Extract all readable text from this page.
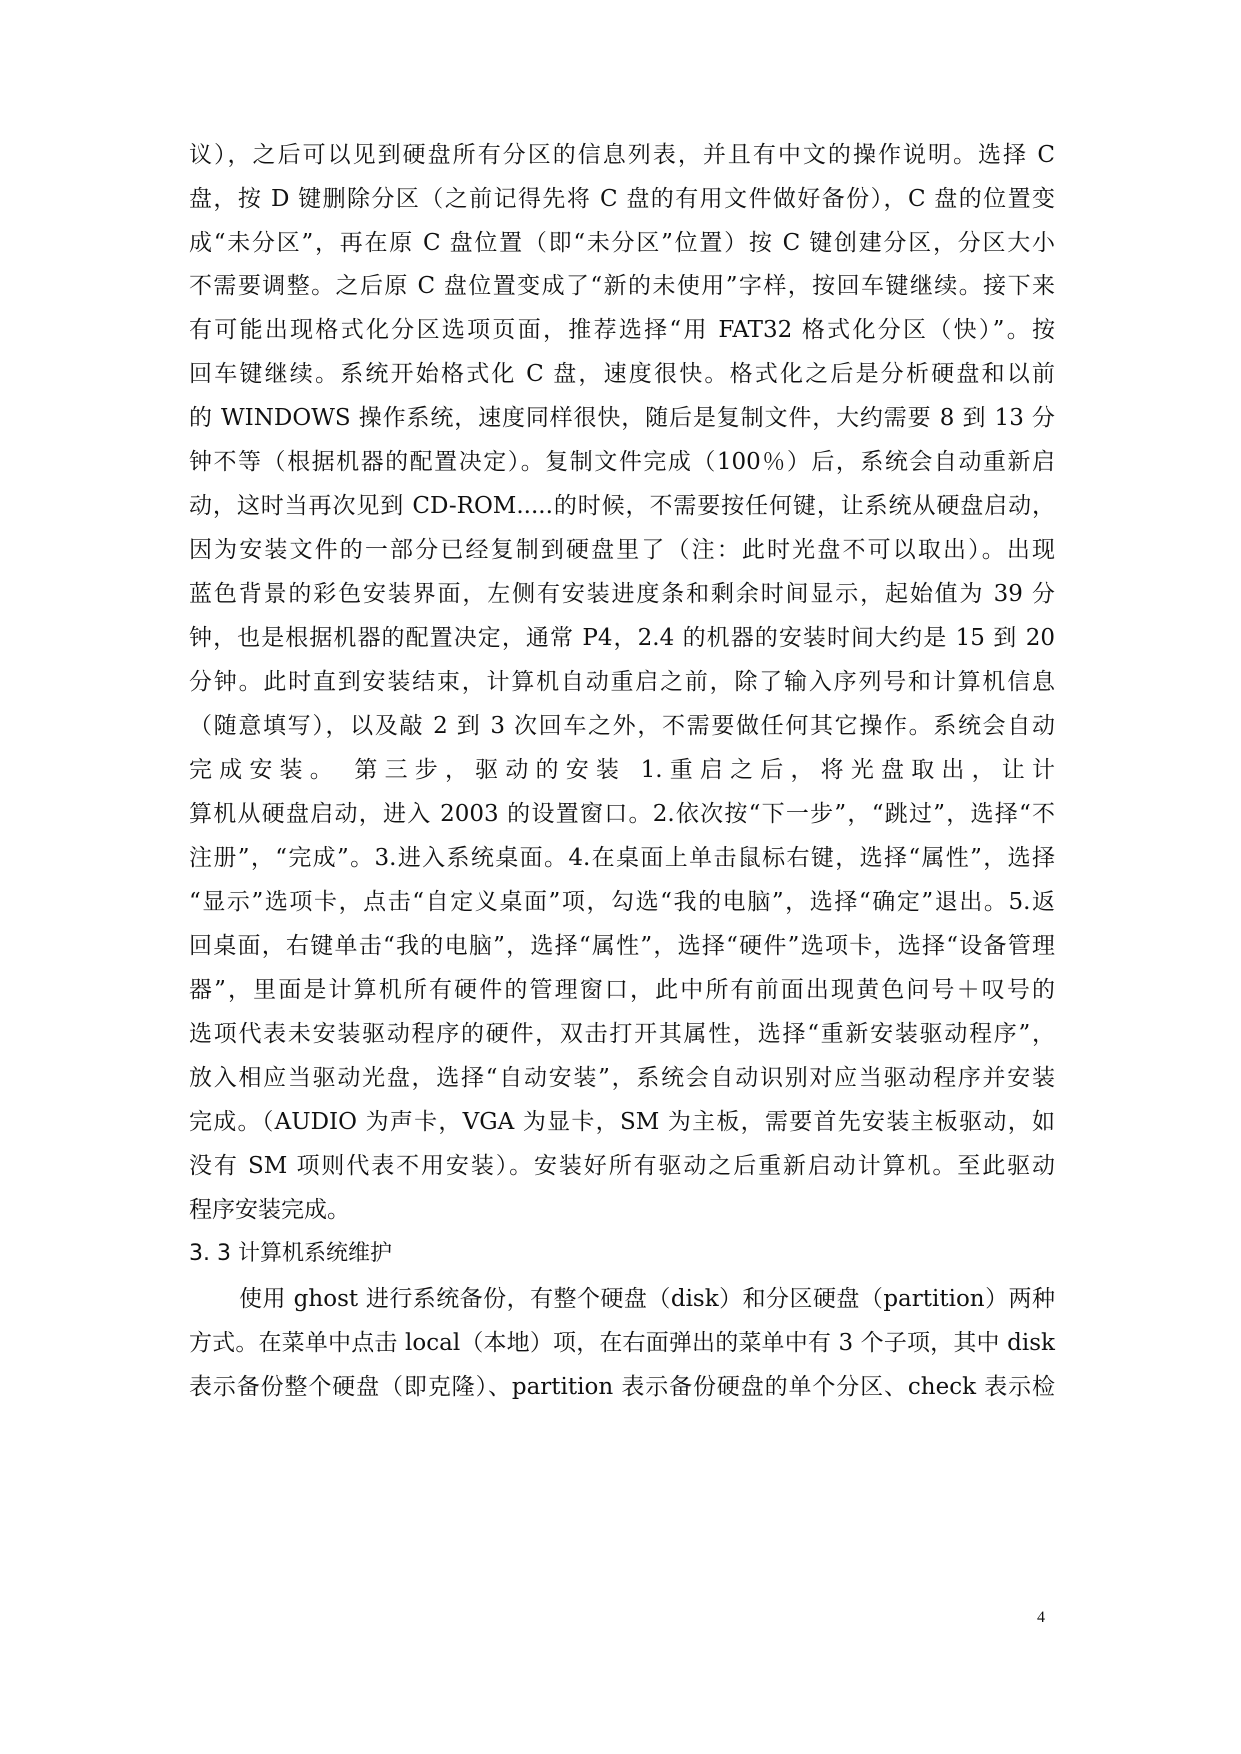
议），之后可以见到硬盘所有分区的信息列表，并且有中文的操作说明。选择 C
盘，按 D 键删除分区（之前记得先将 C 盘的有用文件做好备份），C 盘的位置变
成“未分区”，再在原 C 盘位置（即“未分区”位置）按 C 键创建分区，分区大小
不需要调整。之后原 C 盘位置变成了“新的未使用”字样，按回车键继续。接下来
有可能出现格式化分区选项页面，推荐选择“用 FAT32 格式化分区（快）”。按
回车键继续。系统开始格式化 C 盘，速度很快。格式化之后是分析硬盘和以前
的 WINDOWS 操作系统，速度同样很快，随后是复制文件，大约需要 8 到 13 分
钟不等（根据机器的配置决定）。复制文件完成（100％）后，系统会自动重新启
动，这时当再次见到 CD-ROM.....的时候，不需要按任何键，让系统从硬盘启动，
因为安装文件的一部分已经复制到硬盘里了（注：此时光盘不可以取出）。出现
蓝色背景的彩色安装界面，左侧有安装进度条和剩余时间显示，起始值为 39 分
钟，也是根据机器的配置决定，通常 P4，2.4 的机器的安装时间大约是 15 到 20
分钟。此时直到安装结束，计算机自动重启之前，除了输入序列号和计算机信息
（随意填写），以及敲 2 到 3 次回车之外，不需要做任何其它操作。系统会自动
完成安装。 第三步，驱动的安装 1.重启之后，将光盘取出，让计
算机从硬盘启动，进入 2003 的设置窗口。2.依次按“下一步”，“跳过”，选择“不
注册”，“完成”。3.进入系统桌面。4.在桌面上单击鼠标右键，选择“属性”，选择
“显示”选项卡，点击“自定义桌面”项，勾选“我的电脑”，选择“确定”退出。5.返
回桌面，右键单击“我的电脑”，选择“属性”，选择“硬件”选项卡，选择“设备管理
器”，里面是计算机所有硬件的管理窗口，此中所有前面出现黄色问号＋叹号的
选项代表未安装驱动程序的硬件，双击打开其属性，选择“重新安装驱动程序”，
放入相应当驱动光盘，选择“自动安装”，系统会自动识别对应当驱动程序并安装
完成。（AUDIO 为声卡，VGA 为显卡，SM 为主板，需要首先安装主板驱动，如
没有 SM 项则代表不用安装）。安装好所有驱动之后重新启动计算机。至此驱动
程序安装完成。
3. 3 计算机系统维护
使用 ghost 进行系统备份，有整个硬盘（disk）和分区硬盘（partition）两种
方式。在菜单中点击 local（本地）项，在右面弹出的菜单中有 3 个子项，其中 disk
表示备份整个硬盘（即克隆）、partition 表示备份硬盘的单个分区、check 表示检
4
